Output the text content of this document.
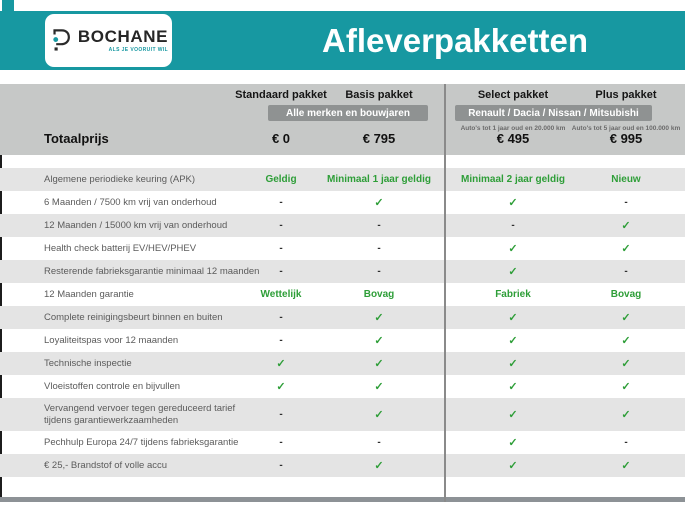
BOCHANE
ALS JE VOORUIT WIL	Afleverpakketten
Standaard pakket Basis pakket	Select pakket	Plus pakket
Alle merken en bouwjaren	Renault / Dacia / Nissan / Mitsubishi
Auto's tot 1 jaar oud en 20.000 km Auto's tot 5 jaar oud en 100.000 km
Totaalprijs	€ 0	€ 795	€ 495	€ 995
Algemene periodieke keuring (APK)	Geldig	Minimaal 1 jaar geldig	Minimaal 2 jaar geldig	Nieuw
6 Maanden / 7500 km vrij van onderhoud	-	✓	✓	-
12 Maanden / 15000 km vrij van onderhoud	-	-	-	✓
Health check batterij EV/HEV/PHEV	-	-	✓	✓
Resterende fabrieksgarantie minimaal 12 maanden	-	-	✓	-
12 Maanden garantie	Wettelijk	Bovag	Fabriek	Bovag
Complete reinigingsbeurt binnen en buiten	-	✓	✓	✓
Loyaliteitspas voor 12 maanden	-	✓	✓	✓
Technische inspectie	✓	✓	✓	✓
Vloeistoffen controle en bijvullen	✓	✓	✓	✓
Vervangend vervoer tegen gereduceerd tarief tijdens garantiewerkzaamheden	-	✓	✓	✓
Pechhulp Europa 24/7 tijdens fabrieksgarantie	-	-	✓	-
€ 25,- Brandstof of volle accu	-	✓	✓	✓
